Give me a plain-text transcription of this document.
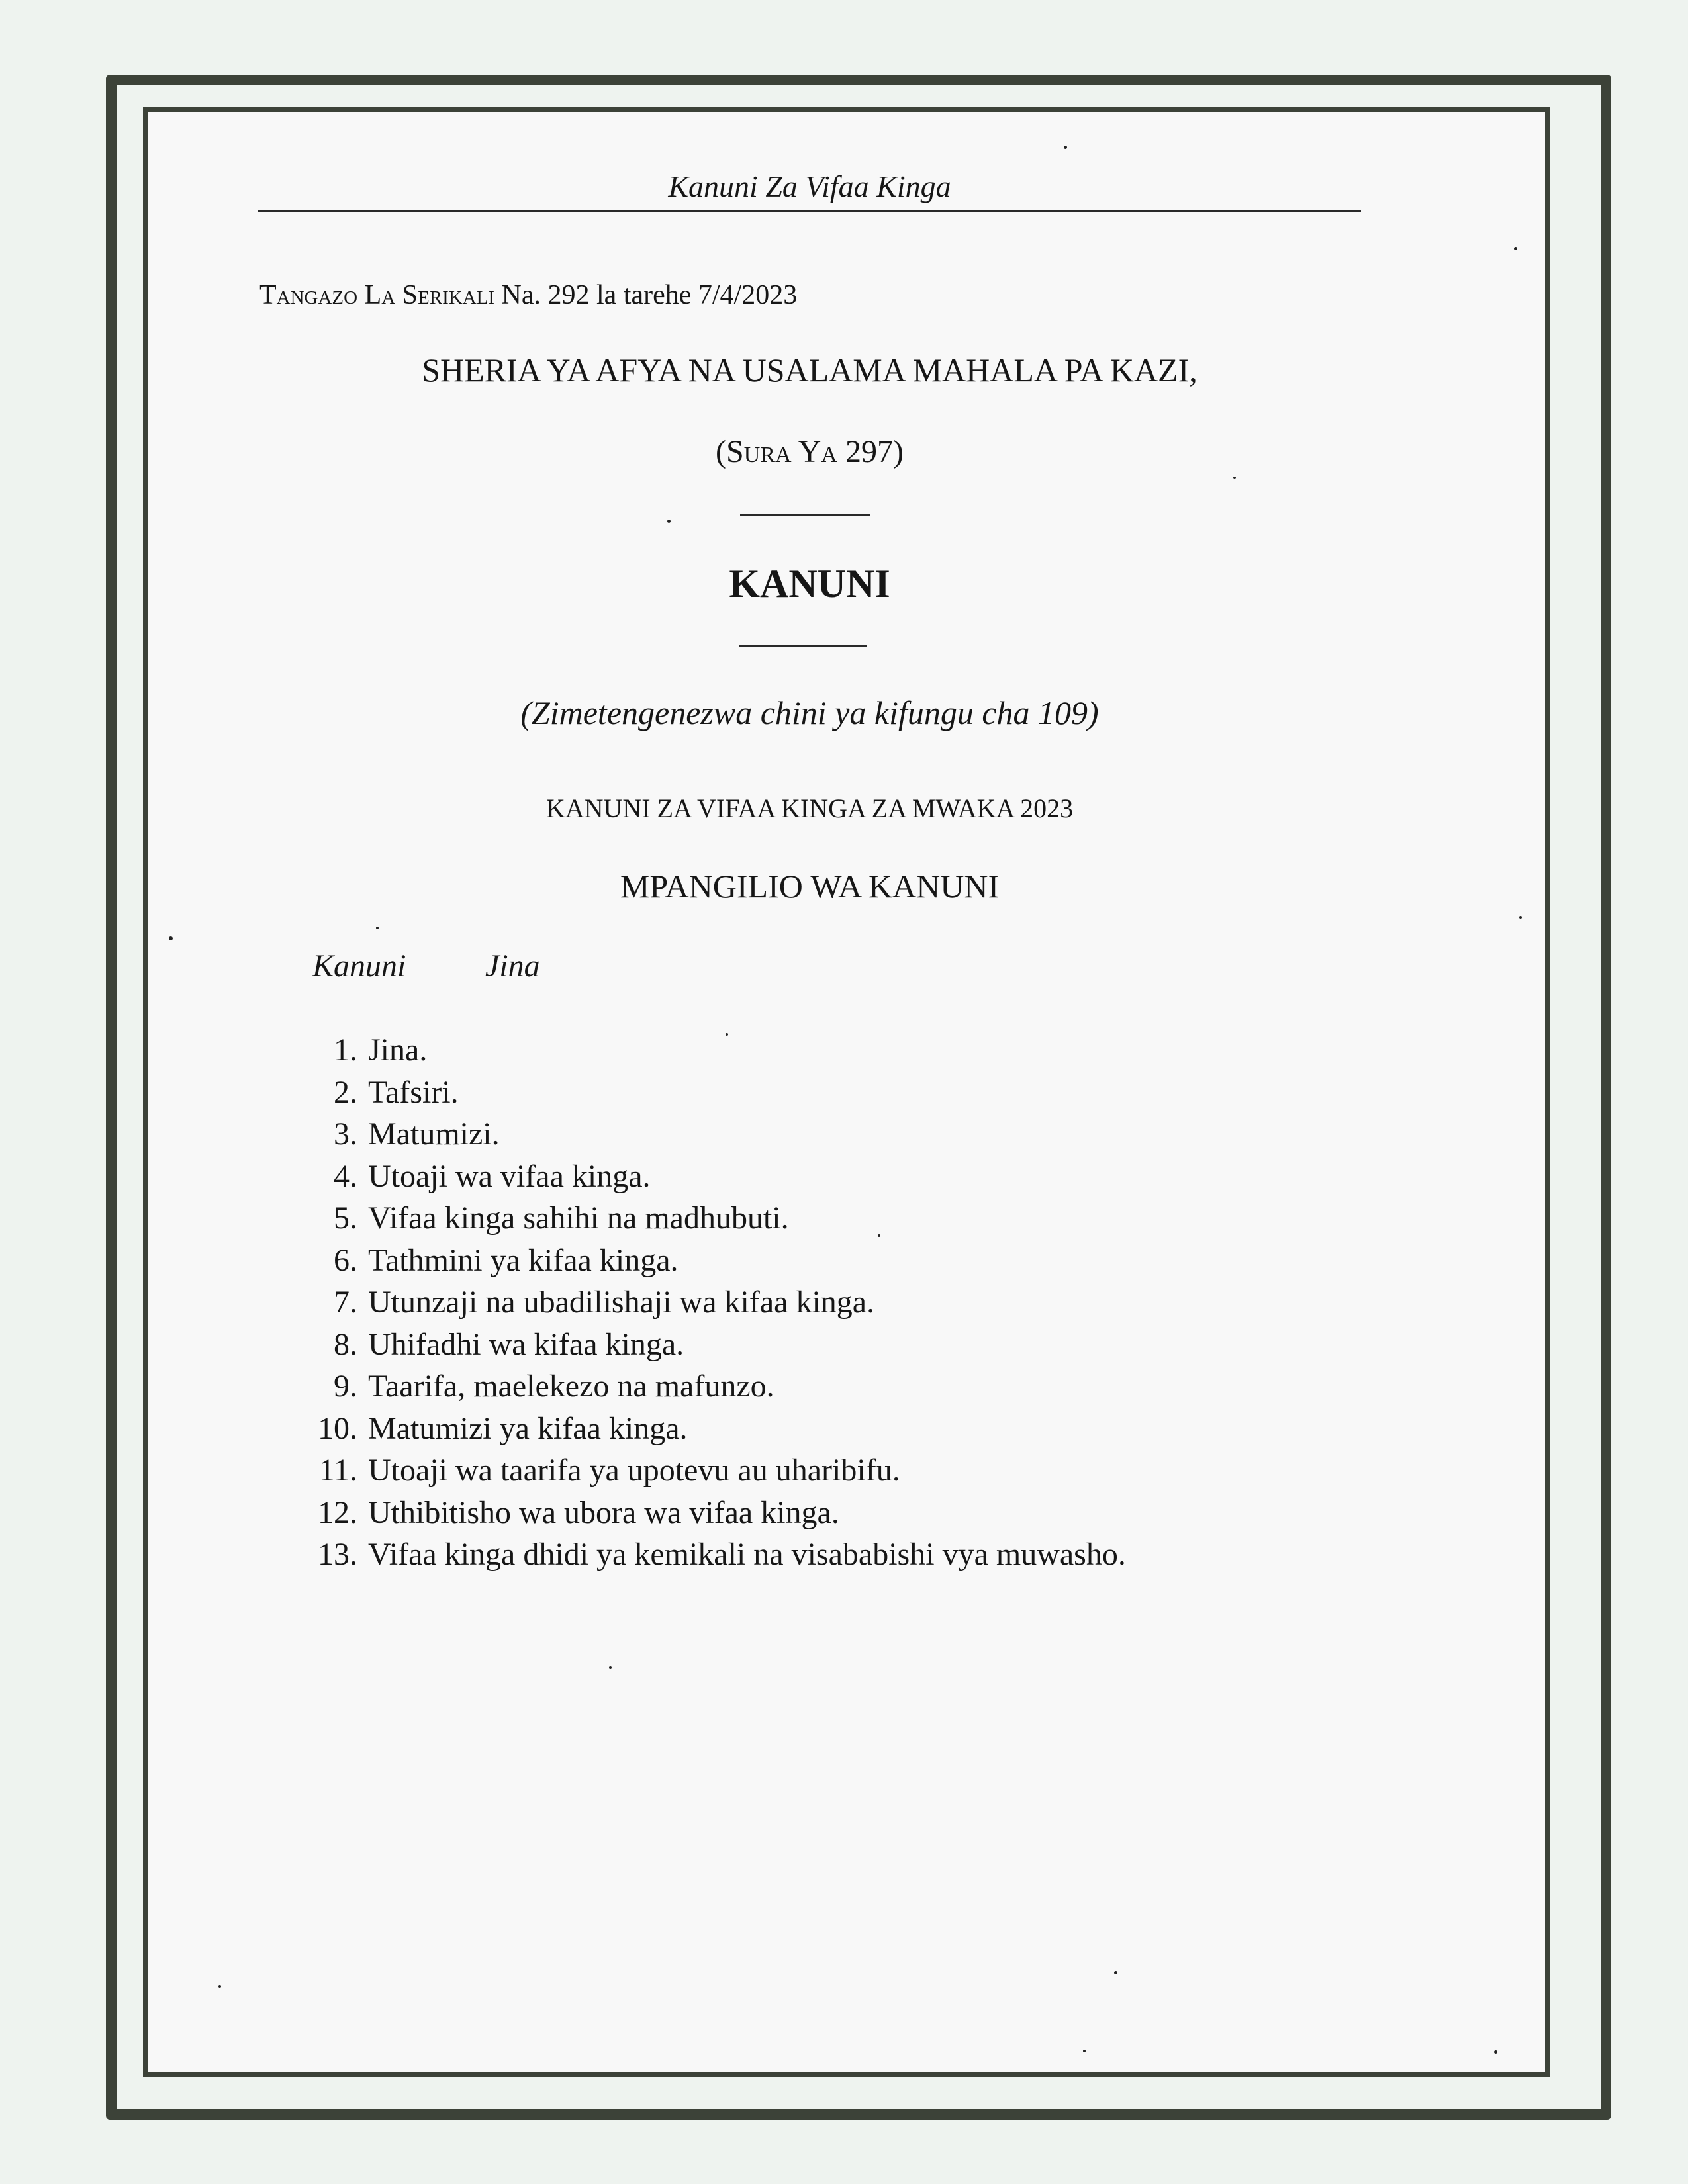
Kanuni Za Vifaa Kinga
Tangazo La Serikali Na. 292 la tarehe 7/4/2023
SHERIA YA AFYA NA USALAMA MAHALA PA KAZI,
(Sura Ya 297)
KANUNI
(Zimetengenezwa chini ya kifungu cha 109)
KANUNI ZA VIFAA KINGA ZA MWAKA 2023
MPANGILIO WA KANUNI
Kanuni Jina
1. Jina.
2. Tafsiri.
3. Matumizi.
4. Utoaji wa vifaa kinga.
5. Vifaa kinga sahihi na madhubuti.
6. Tathmini ya kifaa kinga.
7. Utunzaji na ubadilishaji wa kifaa kinga.
8. Uhifadhi wa kifaa kinga.
9. Taarifa, maelekezo na mafunzo.
10. Matumizi ya kifaa kinga.
11. Utoaji wa taarifa ya upotevu au uharibifu.
12. Uthibitisho wa ubora wa vifaa kinga.
13. Vifaa kinga dhidi ya kemikali na visababishi vya muwasho.
